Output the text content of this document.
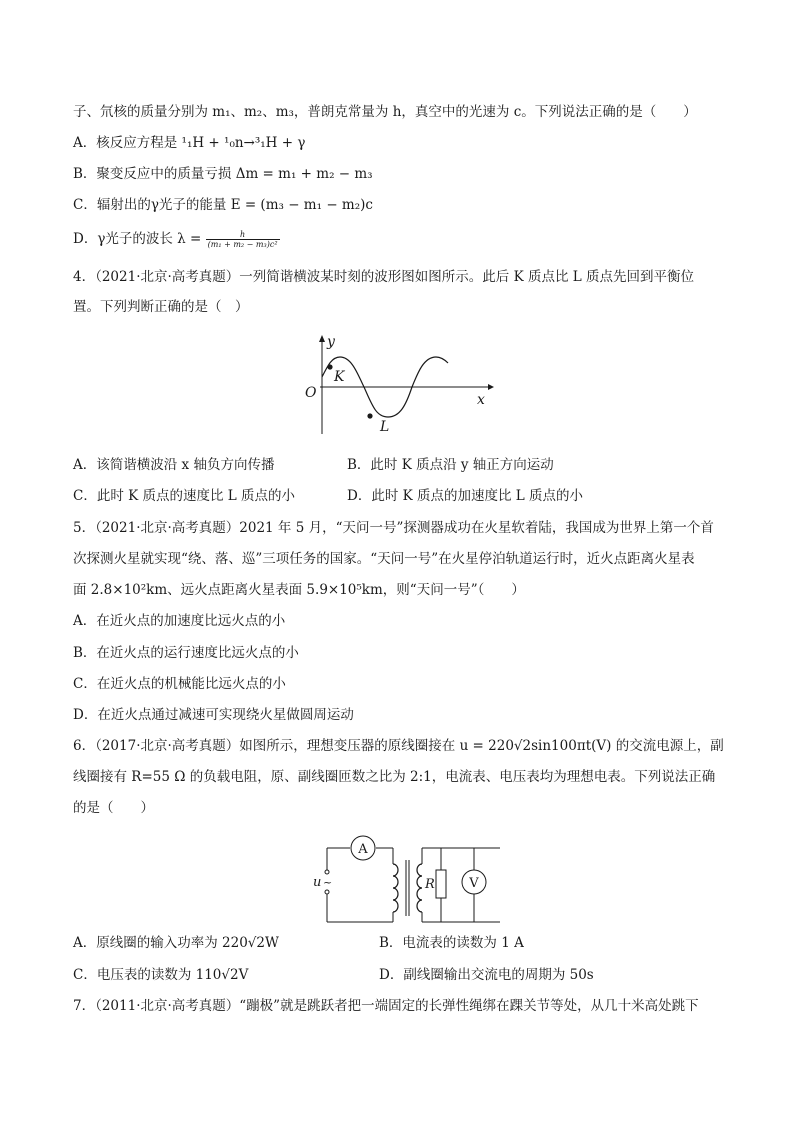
子、氘核的质量分别为 m₁、m₂、m₃，普朗克常量为 h，真空中的光速为 c。下列说法正确的是（　　）
A．核反应方程是 ¹₁H + ¹₀n→³₁H + γ
B．聚变反应中的质量亏损 Δm = m₁ + m₂ − m₃
C．辐射出的γ光子的能量 E = (m₃ − m₁ − m₂)c
D．γ光子的波长 $\lambda = \frac{h}{\text{(m₁ + m₂ − m₃)c²}}$
4．（2021·北京·高考真题）一列简谐横波某时刻的波形图如图所示。此后 K 质点比 L 质点先回到平衡位
置。下列判断正确的是（　）
y
K
O	x
L
A．该简谐横波沿 x 轴负方向传播	B．此时 K 质点沿 y 轴正方向运动
C．此时 K 质点的速度比 L 质点的小	D．此时 K 质点的加速度比 L 质点的小
5．（2021·北京·高考真题）2021 年 5 月，“天问一号”探测器成功在火星软着陆，我国成为世界上第一个首
次探测火星就实现“绕、落、巡”三项任务的国家。“天问一号”在火星停泊轨道运行时，近火点距离火星表
面 2.8×10²km、远火点距离火星表面 5.9×10⁵km，则“天问一号”（　　）
A．在近火点的加速度比远火点的小
B．在近火点的运行速度比远火点的小
C．在近火点的机械能比远火点的小
D．在近火点通过减速可实现绕火星做圆周运动
6．（2017·北京·高考真题）如图所示，理想变压器的原线圈接在 u = 220√2sin100πt(V) 的交流电源上，副
线圈接有 R=55 Ω 的负载电阻，原、副线圈匝数之比为 2:1，电流表、电压表均为理想电表。下列说法正确
的是（　　）
A
u ~	R	V
A．原线圈的输入功率为 220√2W	B．电流表的读数为 1 A
C．电压表的读数为 110√2V	D．副线圈输出交流电的周期为 50s
7．（2011·北京·高考真题）“蹦极”就是跳跃者把一端固定的长弹性绳绑在踝关节等处，从几十米高处跳下
